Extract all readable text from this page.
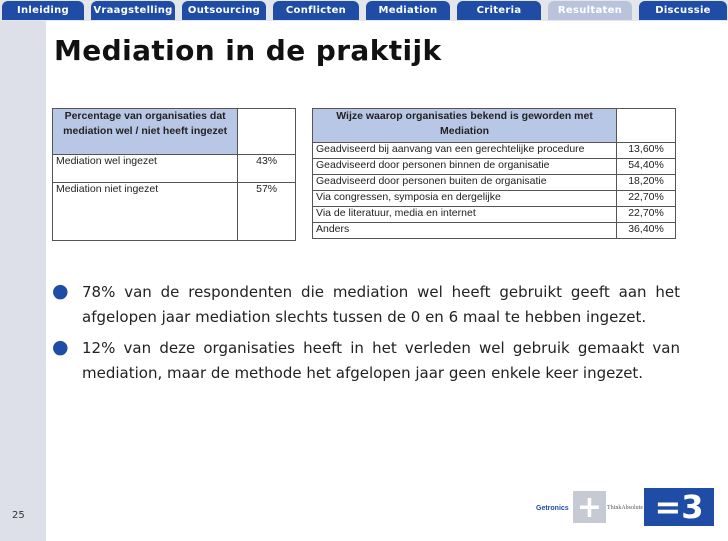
Inleiding	Vraagstelling	Outsourcing	Conflicten	Mediation	Criteria	Resultaten	Discussie
Mediation in de praktijk
Percentage van organisaties dat mediation wel / niet heeft ingezet	
Mediation wel ingezet	43%
Mediation niet ingezet	57%
Wijze waarop organisaties bekend is geworden met Mediation	
Geadviseerd bij aanvang van een gerechtelijke procedure	13,60%
Geadviseerd door personen binnen de organisatie	54,40%
Geadviseerd door personen buiten de organisatie	18,20%
Via congressen, symposia en dergelijke	22,70%
Via de literatuur, media en internet	22,70%
Anders	36,40%
● 78% van de respondenten die mediation wel heeft gebruikt geeft aan het afgelopen jaar mediation slechts tussen de 0 en 6 maal te hebben ingezet.
● 12% van deze organisaties heeft in het verleden wel gebruik gemaakt van mediation, maar de methode het afgelopen jaar geen enkele keer ingezet.
25
Getronics + ThinkAbsolute =3
